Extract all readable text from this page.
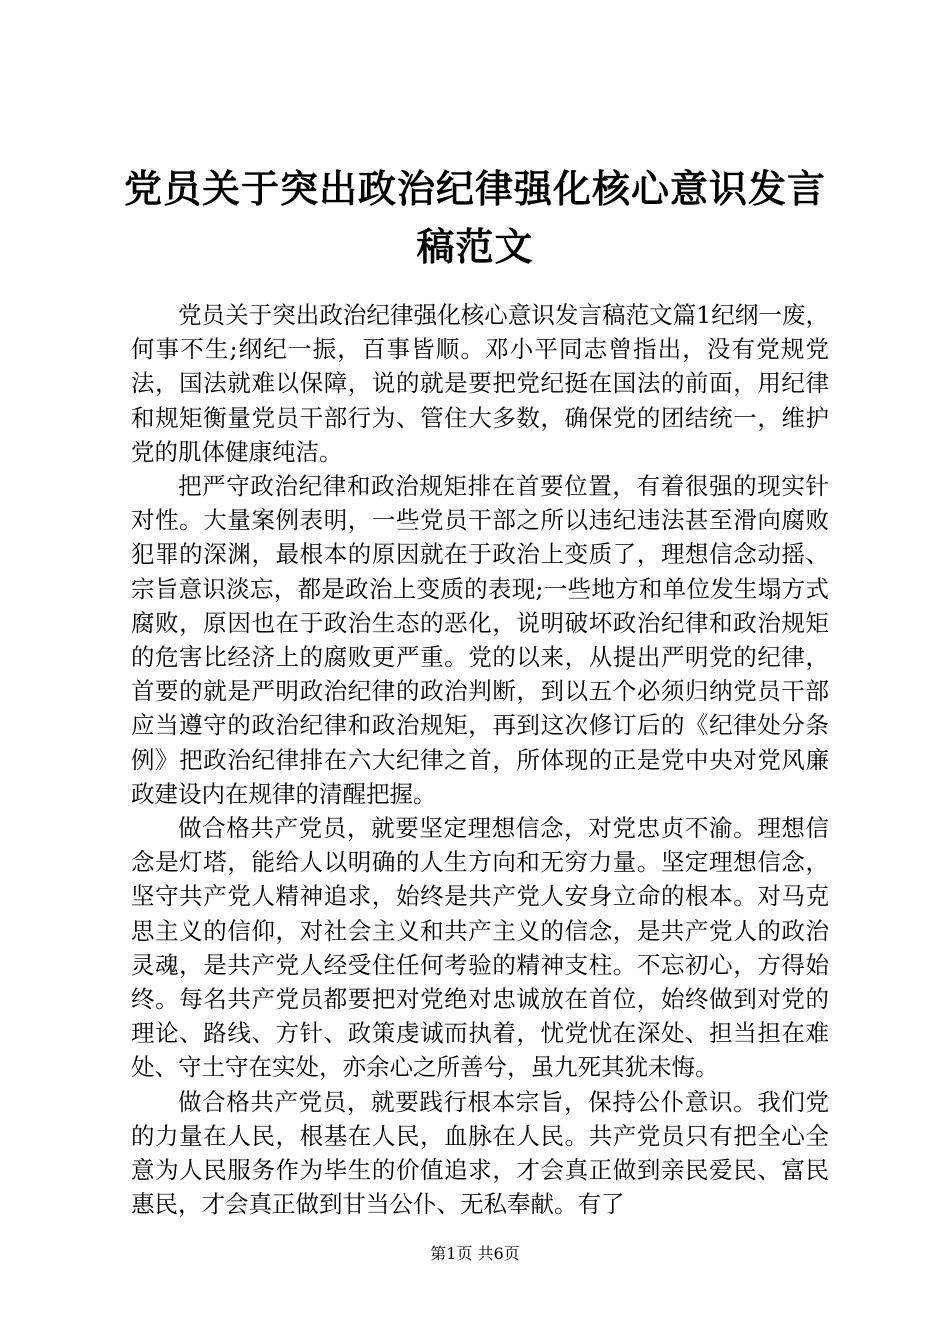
党员关于突出政治纪律强化核心意识发言稿范文

党员关于突出政治纪律强化核心意识发言稿范文篇1纪纲一废，何事不生;纲纪一振，百事皆顺。邓小平同志曾指出，没有党规党法，国法就难以保障，说的就是要把党纪挺在国法的前面，用纪律和规矩衡量党员干部行为、管住大多数，确保党的团结统一，维护党的肌体健康纯洁。

把严守政治纪律和政治规矩排在首要位置，有着很强的现实针对性。大量案例表明，一些党员干部之所以违纪违法甚至滑向腐败犯罪的深渊，最根本的原因就在于政治上变质了，理想信念动摇、宗旨意识淡忘，都是政治上变质的表现;一些地方和单位发生塌方式腐败，原因也在于政治生态的恶化，说明破坏政治纪律和政治规矩的危害比经济上的腐败更严重。党的以来，从提出严明党的纪律，首要的就是严明政治纪律的政治判断，到以五个必须归纳党员干部应当遵守的政治纪律和政治规矩，再到这次修订后的《纪律处分条例》把政治纪律排在六大纪律之首，所体现的正是党中央对党风廉政建设内在规律的清醒把握。

做合格共产党员，就要坚定理想信念，对党忠贞不渝。理想信念是灯塔，能给人以明确的人生方向和无穷力量。坚定理想信念，坚守共产党人精神追求，始终是共产党人安身立命的根本。对马克思主义的信仰，对社会主义和共产主义的信念，是共产党人的政治灵魂，是共产党人经受住任何考验的精神支柱。不忘初心，方得始终。每名共产党员都要把对党绝对忠诚放在首位，始终做到对党的理论、路线、方针、政策虔诚而执着，忧党忧在深处、担当担在难处、守土守在实处，亦余心之所善兮，虽九死其犹未悔。

做合格共产党员，就要践行根本宗旨，保持公仆意识。我们党的力量在人民，根基在人民，血脉在人民。共产党员只有把全心全意为人民服务作为毕生的价值追求，才会真正做到亲民爱民、富民惠民，才会真正做到甘当公仆、无私奉献。有了

第1页 共6页
